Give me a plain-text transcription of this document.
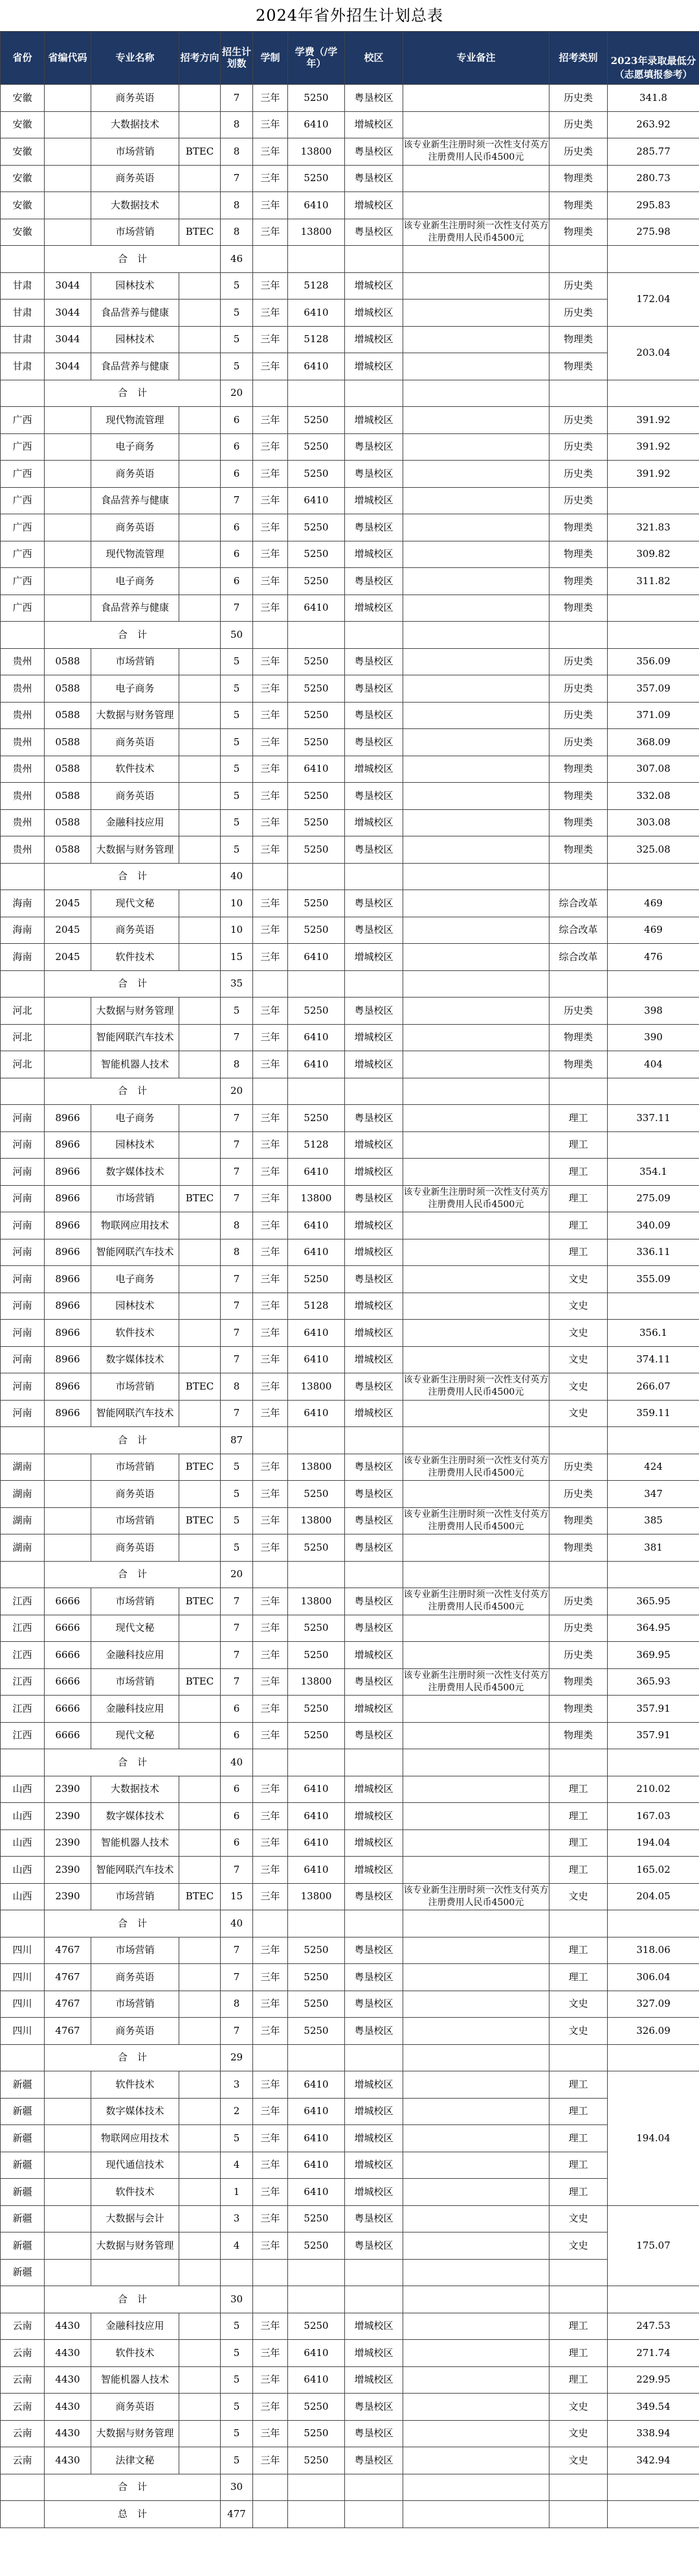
2024年省外招生计划总表
省份	省编代码	专业名称	招考方向	招生计划数	学制	学费（/学年）	校区	专业备注	招考类别	2023年录取最低分（志愿填报参考）
安徽		商务英语		7	三年	5250	粤垦校区		历史类	341.8
安徽		大数据技术		8	三年	6410	增城校区		历史类	263.92
安徽		市场营销	BTEC	8	三年	13800	粤垦校区	该专业新生注册时须一次性支付英方注册费用人民币4500元	历史类	285.77
安徽		商务英语		7	三年	5250	粤垦校区		物理类	280.73
安徽		大数据技术		8	三年	6410	增城校区		物理类	295.83
安徽		市场营销	BTEC	8	三年	13800	粤垦校区	该专业新生注册时须一次性支付英方注册费用人民币4500元	物理类	275.98
	合　计			46						
甘肃	3044	园林技术		5	三年	5128	增城校区		历史类	172.04
甘肃	3044	食品营养与健康		5	三年	6410	增城校区		历史类	
甘肃	3044	园林技术		5	三年	5128	增城校区		物理类	203.04
甘肃	3044	食品营养与健康		5	三年	6410	增城校区		物理类	
	合　计			20						
广西		现代物流管理		6	三年	5250	增城校区		历史类	391.92
广西		电子商务		6	三年	5250	粤垦校区		历史类	391.92
广西		商务英语		6	三年	5250	粤垦校区		历史类	391.92
广西		食品营养与健康		7	三年	6410	增城校区		历史类	
广西		商务英语		6	三年	5250	粤垦校区		物理类	321.83
广西		现代物流管理		6	三年	5250	增城校区		物理类	309.82
广西		电子商务		6	三年	5250	粤垦校区		物理类	311.82
广西		食品营养与健康		7	三年	6410	增城校区		物理类	
	合　计			50						
贵州	0588	市场营销		5	三年	5250	粤垦校区		历史类	356.09
贵州	0588	电子商务		5	三年	5250	粤垦校区		历史类	357.09
贵州	0588	大数据与财务管理		5	三年	5250	粤垦校区		历史类	371.09
贵州	0588	商务英语		5	三年	5250	粤垦校区		历史类	368.09
贵州	0588	软件技术		5	三年	6410	增城校区		物理类	307.08
贵州	0588	商务英语		5	三年	5250	粤垦校区		物理类	332.08
贵州	0588	金融科技应用		5	三年	5250	增城校区		物理类	303.08
贵州	0588	大数据与财务管理		5	三年	5250	粤垦校区		物理类	325.08
	合　计			40						
海南	2045	现代文秘		10	三年	5250	粤垦校区		综合改革	469
海南	2045	商务英语		10	三年	5250	粤垦校区		综合改革	469
海南	2045	软件技术		15	三年	6410	增城校区		综合改革	476
	合　计			35						
河北		大数据与财务管理		5	三年	5250	粤垦校区		历史类	398
河北		智能网联汽车技术		7	三年	6410	增城校区		物理类	390
河北		智能机器人技术		8	三年	6410	增城校区		物理类	404
	合　计			20						
河南	8966	电子商务		7	三年	5250	粤垦校区		理工	337.11
河南	8966	园林技术		7	三年	5128	增城校区		理工	
河南	8966	数字媒体技术		7	三年	6410	增城校区		理工	354.1
河南	8966	市场营销	BTEC	7	三年	13800	粤垦校区	该专业新生注册时须一次性支付英方注册费用人民币4500元	理工	275.09
河南	8966	物联网应用技术		8	三年	6410	增城校区		理工	340.09
河南	8966	智能网联汽车技术		8	三年	6410	增城校区		理工	336.11
河南	8966	电子商务		7	三年	5250	粤垦校区		文史	355.09
河南	8966	园林技术		7	三年	5128	增城校区		文史	
河南	8966	软件技术		7	三年	6410	增城校区		文史	356.1
河南	8966	数字媒体技术		7	三年	6410	增城校区		文史	374.11
河南	8966	市场营销	BTEC	8	三年	13800	粤垦校区	该专业新生注册时须一次性支付英方注册费用人民币4500元	文史	266.07
河南	8966	智能网联汽车技术		7	三年	6410	增城校区		文史	359.11
	合　计			87						
湖南		市场营销	BTEC	5	三年	13800	粤垦校区	该专业新生注册时须一次性支付英方注册费用人民币4500元	历史类	424
湖南		商务英语		5	三年	5250	粤垦校区		历史类	347
湖南		市场营销	BTEC	5	三年	13800	粤垦校区	该专业新生注册时须一次性支付英方注册费用人民币4500元	物理类	385
湖南		商务英语		5	三年	5250	粤垦校区		物理类	381
	合　计			20						
江西	6666	市场营销	BTEC	7	三年	13800	粤垦校区	该专业新生注册时须一次性支付英方注册费用人民币4500元	历史类	365.95
江西	6666	现代文秘		7	三年	5250	粤垦校区		历史类	364.95
江西	6666	金融科技应用		7	三年	5250	增城校区		历史类	369.95
江西	6666	市场营销	BTEC	7	三年	13800	粤垦校区	该专业新生注册时须一次性支付英方注册费用人民币4500元	物理类	365.93
江西	6666	金融科技应用		6	三年	5250	增城校区		物理类	357.91
江西	6666	现代文秘		6	三年	5250	粤垦校区		物理类	357.91
	合　计			40						
山西	2390	大数据技术		6	三年	6410	增城校区		理工	210.02
山西	2390	数字媒体技术		6	三年	6410	增城校区		理工	167.03
山西	2390	智能机器人技术		6	三年	6410	增城校区		理工	194.04
山西	2390	智能网联汽车技术		7	三年	6410	增城校区		理工	165.02
山西	2390	市场营销	BTEC	15	三年	13800	粤垦校区	该专业新生注册时须一次性支付英方注册费用人民币4500元	文史	204.05
	合　计			40						
四川	4767	市场营销		7	三年	5250	粤垦校区		理工	318.06
四川	4767	商务英语		7	三年	5250	粤垦校区		理工	306.04
四川	4767	市场营销		8	三年	5250	粤垦校区		文史	327.09
四川	4767	商务英语		7	三年	5250	粤垦校区		文史	326.09
	合　计			29						
新疆		软件技术		3	三年	6410	增城校区		理工	194.04
新疆		数字媒体技术		2	三年	6410	增城校区		理工	
新疆		物联网应用技术		5	三年	6410	增城校区		理工	
新疆		现代通信技术		4	三年	6410	增城校区		理工	
新疆		软件技术		1	三年	6410	增城校区		理工	
新疆		大数据与会计		3	三年	5250	粤垦校区		文史	175.07
新疆		大数据与财务管理		4	三年	5250	粤垦校区		文史	
新疆										
	合　计			30						
云南	4430	金融科技应用		5	三年	5250	增城校区		理工	247.53
云南	4430	软件技术		5	三年	6410	增城校区		理工	271.74
云南	4430	智能机器人技术		5	三年	6410	增城校区		理工	229.95
云南	4430	商务英语		5	三年	5250	粤垦校区		文史	349.54
云南	4430	大数据与财务管理		5	三年	5250	粤垦校区		文史	338.94
云南	4430	法律文秘		5	三年	5250	粤垦校区		文史	342.94
	合　计			30						
	总　计			477						
